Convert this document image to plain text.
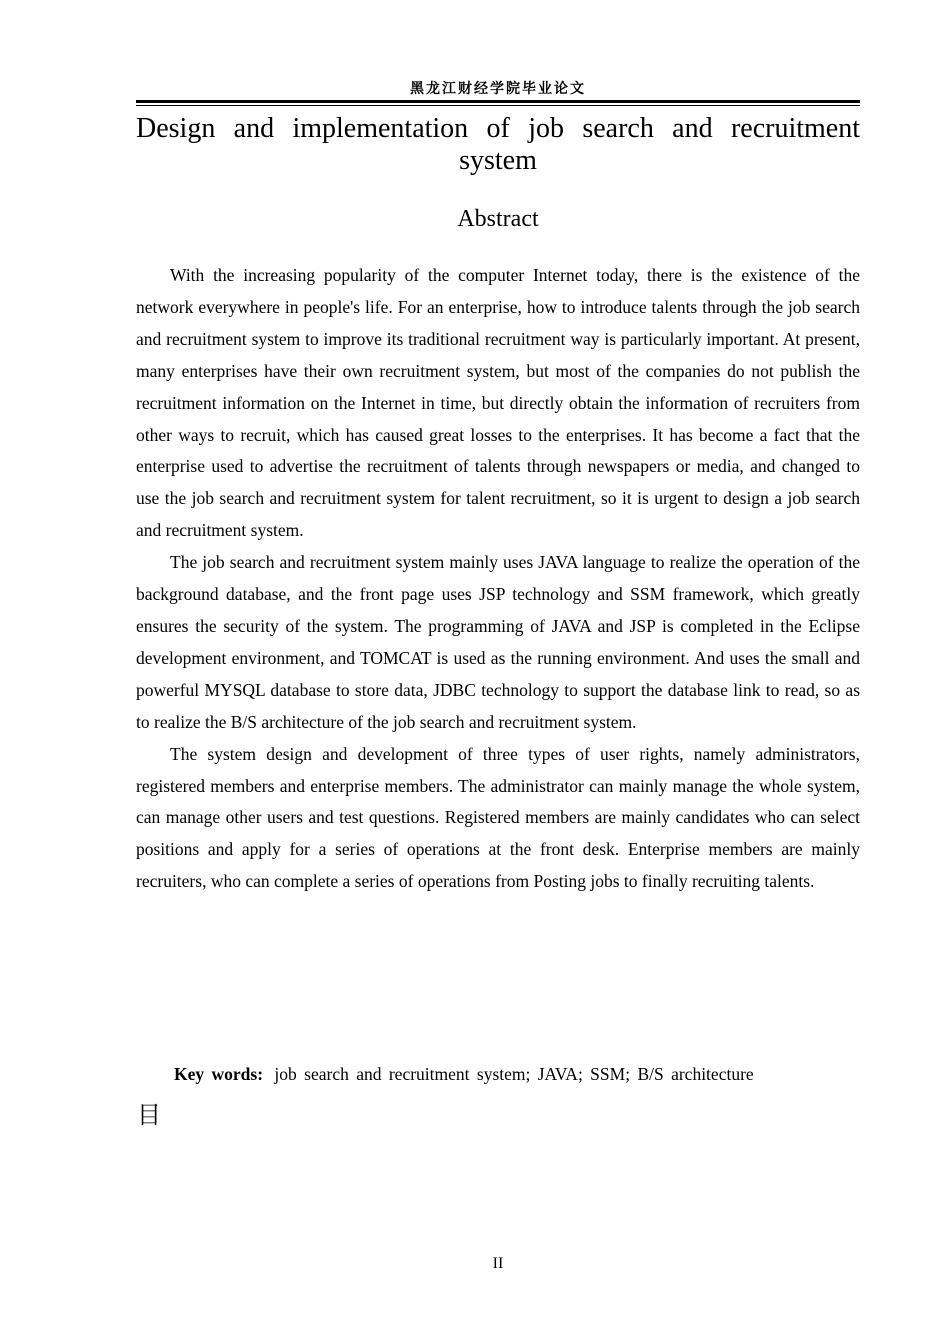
黑龙江财经学院毕业论文
Design and implementation of job search and recruitment system
Abstract

With the increasing popularity of the computer Internet today, there is the existence of the network everywhere in people's life. For an enterprise, how to introduce talents through the job search and recruitment system to improve its traditional recruitment way is particularly important. At present, many enterprises have their own recruitment system, but most of the companies do not publish the recruitment information on the Internet in time, but directly obtain the information of recruiters from other ways to recruit, which has caused great losses to the enterprises. It has become a fact that the enterprise used to advertise the recruitment of talents through newspapers or media, and changed to use the job search and recruitment system for talent recruitment, so it is urgent to design a job search and recruitment system.

The job search and recruitment system mainly uses JAVA language to realize the operation of the background database, and the front page uses JSP technology and SSM framework, which greatly ensures the security of the system. The programming of JAVA and JSP is completed in the Eclipse development environment, and TOMCAT is used as the running environment. And uses the small and powerful MYSQL database to store data, JDBC technology to support the database link to read, so as to realize the B/S architecture of the job search and recruitment system.

The system design and development of three types of user rights, namely administrators, registered members and enterprise members. The administrator can mainly manage the whole system, can manage other users and test questions. Registered members are mainly candidates who can select positions and apply for a series of operations at the front desk. Enterprise members are mainly recruiters, who can complete a series of operations from Posting jobs to finally recruiting talents.

Key words: job search and recruitment system; JAVA; SSM; B/S architecture
目
II
